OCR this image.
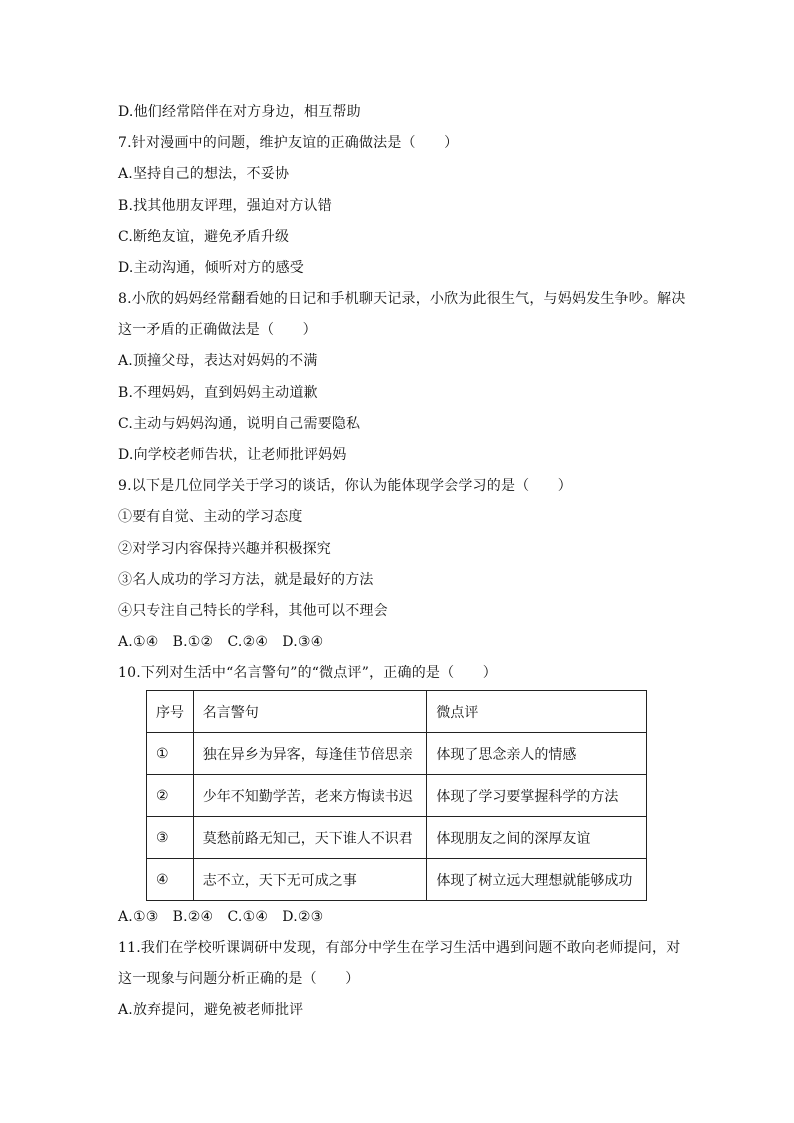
D.他们经常陪伴在对方身边，相互帮助
7.针对漫画中的问题，维护友谊的正确做法是（　　）
A.坚持自己的想法，不妥协
B.找其他朋友评理，强迫对方认错
C.断绝友谊，避免矛盾升级
D.主动沟通，倾听对方的感受
8.小欣的妈妈经常翻看她的日记和手机聊天记录，小欣为此很生气，与妈妈发生争吵。解决
这一矛盾的正确做法是（　　）
A.顶撞父母，表达对妈妈的不满
B.不理妈妈，直到妈妈主动道歉
C.主动与妈妈沟通，说明自己需要隐私
D.向学校老师告状，让老师批评妈妈
9.以下是几位同学关于学习的谈话，你认为能体现学会学习的是（　　）
①要有自觉、主动的学习态度
②对学习内容保持兴趣并积极探究
③名人成功的学习方法，就是最好的方法
④只专注自己特长的学科，其他可以不理会
A.①④　B.①②　C.②④　D.③④
10.下列对生活中“名言警句”的“微点评”，正确的是（　　）
序号	名言警句	微点评
①	独在异乡为异客，每逢佳节倍思亲	体现了思念亲人的情感
②	少年不知勤学苦，老来方悔读书迟	体现了学习要掌握科学的方法
③	莫愁前路无知己，天下谁人不识君	体现朋友之间的深厚友谊
④	志不立，天下无可成之事	体现了树立远大理想就能够成功
A.①③　B.②④　C.①④　D.②③
11.我们在学校听课调研中发现，有部分中学生在学习生活中遇到问题不敢向老师提问，对
这一现象与问题分析正确的是（　　）
A.放弃提问，避免被老师批评
